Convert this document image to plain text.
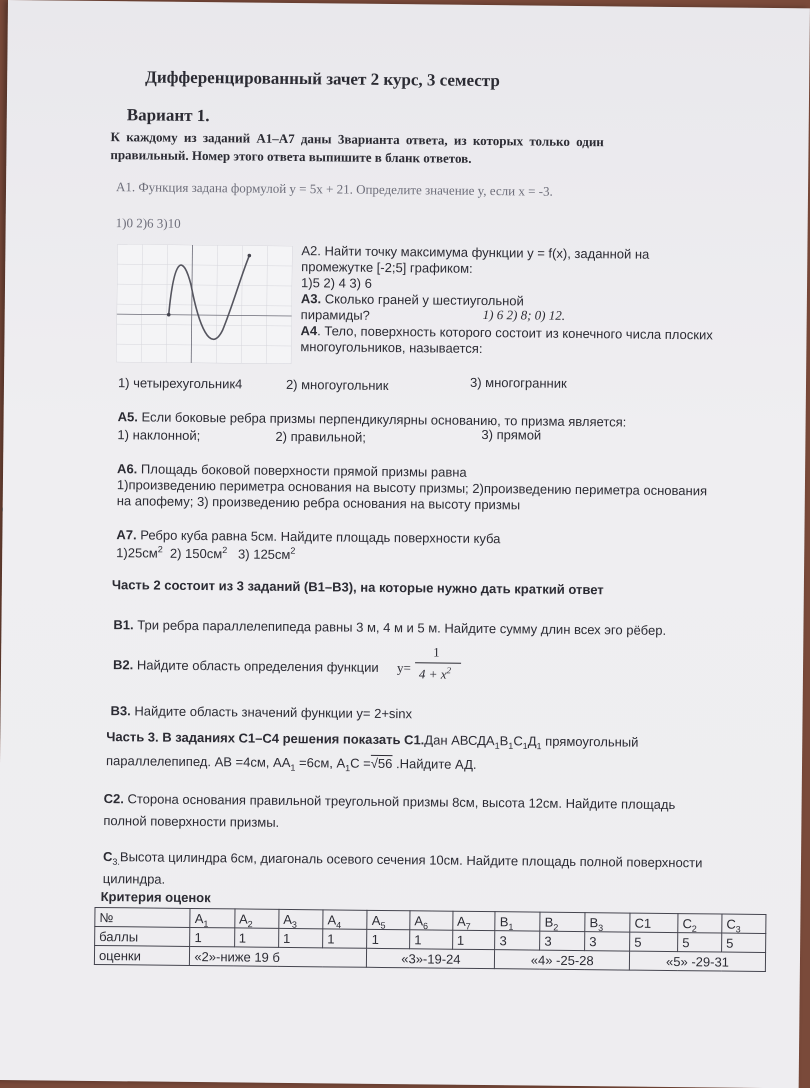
Дифференцированный зачет 2 курс, 3 семестр
Вариант 1.
К каждому из заданий А1–А7 даны 3варианта ответа, из которых только один
правильный. Номер этого ответа выпишите в бланк ответов.
А1. Функция задана формулой y = 5x + 21. Определите значение y, если x = -3.
1)0 2)6 3)10
А2. Найти точку максимума функции y = f(x), заданной на
промежутке [-2;5] графиком:
1)5 2) 4 3) 6
А3. Сколько граней у шестиугольной
пирамиды?	1) 6 2) 8; 0) 12.
А4. Тело, поверхность которого состоит из конечного числа плоских
многоугольников, называется:
1) четырехугольник4	2) многоугольник	3) многогранник
А5. Если боковые ребра призмы перпендикулярны основанию, то призма является:
1) наклонной;	2) правильной;	3) прямой
А6. Площадь боковой поверхности прямой призмы равна
1)произведению периметра основания на высоту призмы; 2)произведению периметра основания
на апофему; 3) произведению ребра основания на высоту призмы
А7. Ребро куба равна 5см. Найдите площадь поверхности куба
$1)25см^2$ 2) $150см^2$ 3) $125см^2$
Часть 2 состоит из 3 заданий (В1–В3), на которые нужно дать краткий ответ
В1. Три ребра параллелепипеда равны 3 м, 4 м и 5 м. Найдите сумму длин всех эго рёбер.
В2. Найдите область определения функции y=
1
$4 + x^2$
В3. Найдите область значений функции y= 2+sinx
Часть 3. В заданиях С1–С4 решения показать С1.Дан $АВСДА_1В_1С_1Д_1$ прямоугольный
параллелепипед. АВ =4см, $АА_1 =6см$, $А_1С =√56$ .Найдите АД.
С2. Сторона основания правильной треугольной призмы 8см, высота 12см. Найдите площадь
полной поверхности призмы.
$С_{3.}Высота$ цилиндра 6см, диагональ осевого сечения 10см. Найдите площадь полной поверхности
цилиндра.
Критерия оценок
№	$A_1$	$A_2$	$A_3$	$A_4$	$A_5$	$A_6$	$A_7$	$B_1$	$B_2$	$B_3$	C1	$C_2$	$C_3$
баллы	1	1	1	1	1	1	1	3	3	3	5	5	5
оценки	«2»-ниже 19 б				«3»-19-24			«4» -25-28			«5» -29-31		
